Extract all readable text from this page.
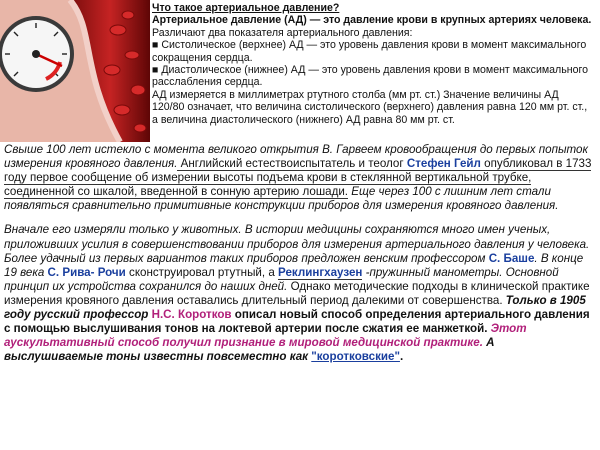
Что такое артериальное давление?
Артериальное давление (АД) — это давление крови в крупных артериях человека.
Различают два показателя артериального давления:
■ Систолическое (верхнее) АД — это уровень давления крови в момент максимального сокращения сердца.
■ Диастолическое (нижнее) АД — это уровень давления крови в момент максимального расслабления сердца.
АД измеряется в миллиметрах ртутного столба (мм рт. ст.) Значение величины АД 120/80 означает, что величина систолического (верхнего) давления равна 120 мм рт. ст., а величина диастолического (нижнего) АД равна 80 мм рт. ст.

Свыше 100 лет истекло с момента великого открытия В. Гарвеем кровообращения до первых попыток измерения кровяного давления. Английский естествоиспытатель и теолог Стефен Гейл опубликовал в 1733 году первое сообщение об измерении высоты подъема крови в стеклянной вертикальной трубке, соединенной со шкалой, введенной в сонную артерию лошади. Еще через 100 с лишним лет стали появляться сравнительно примитивные конструкции приборов для измерения кровяного давления.

Вначале его измеряли только у животных. В истории медицины сохраняются много имен ученых, приложивших усилия в совершенствовании приборов для измерения артериального давления у человека. Более удачный из первых вариантов таких приборов предложен венским профессором С. Баше. В конце 19 века С. Рива- Рочи сконструировал ртутный, а Реклингхаузен -пружинный манометры. Основной принцип их устройства сохранился до наших дней. Однако методические подходы в клинической практике измерения кровяного давления оставались длительный период далекими от совершенства. Только в 1905 году русский профессор Н.С. Коротков описал новый способ определения артериального давления с помощью выслушивания тонов на локтевой артерии после сжатия ее манжеткой. Этот аускультативный способ получил признание в мировой медицинской практике. А выслушиваемые тоны известны повсеместно как "коротковские".
